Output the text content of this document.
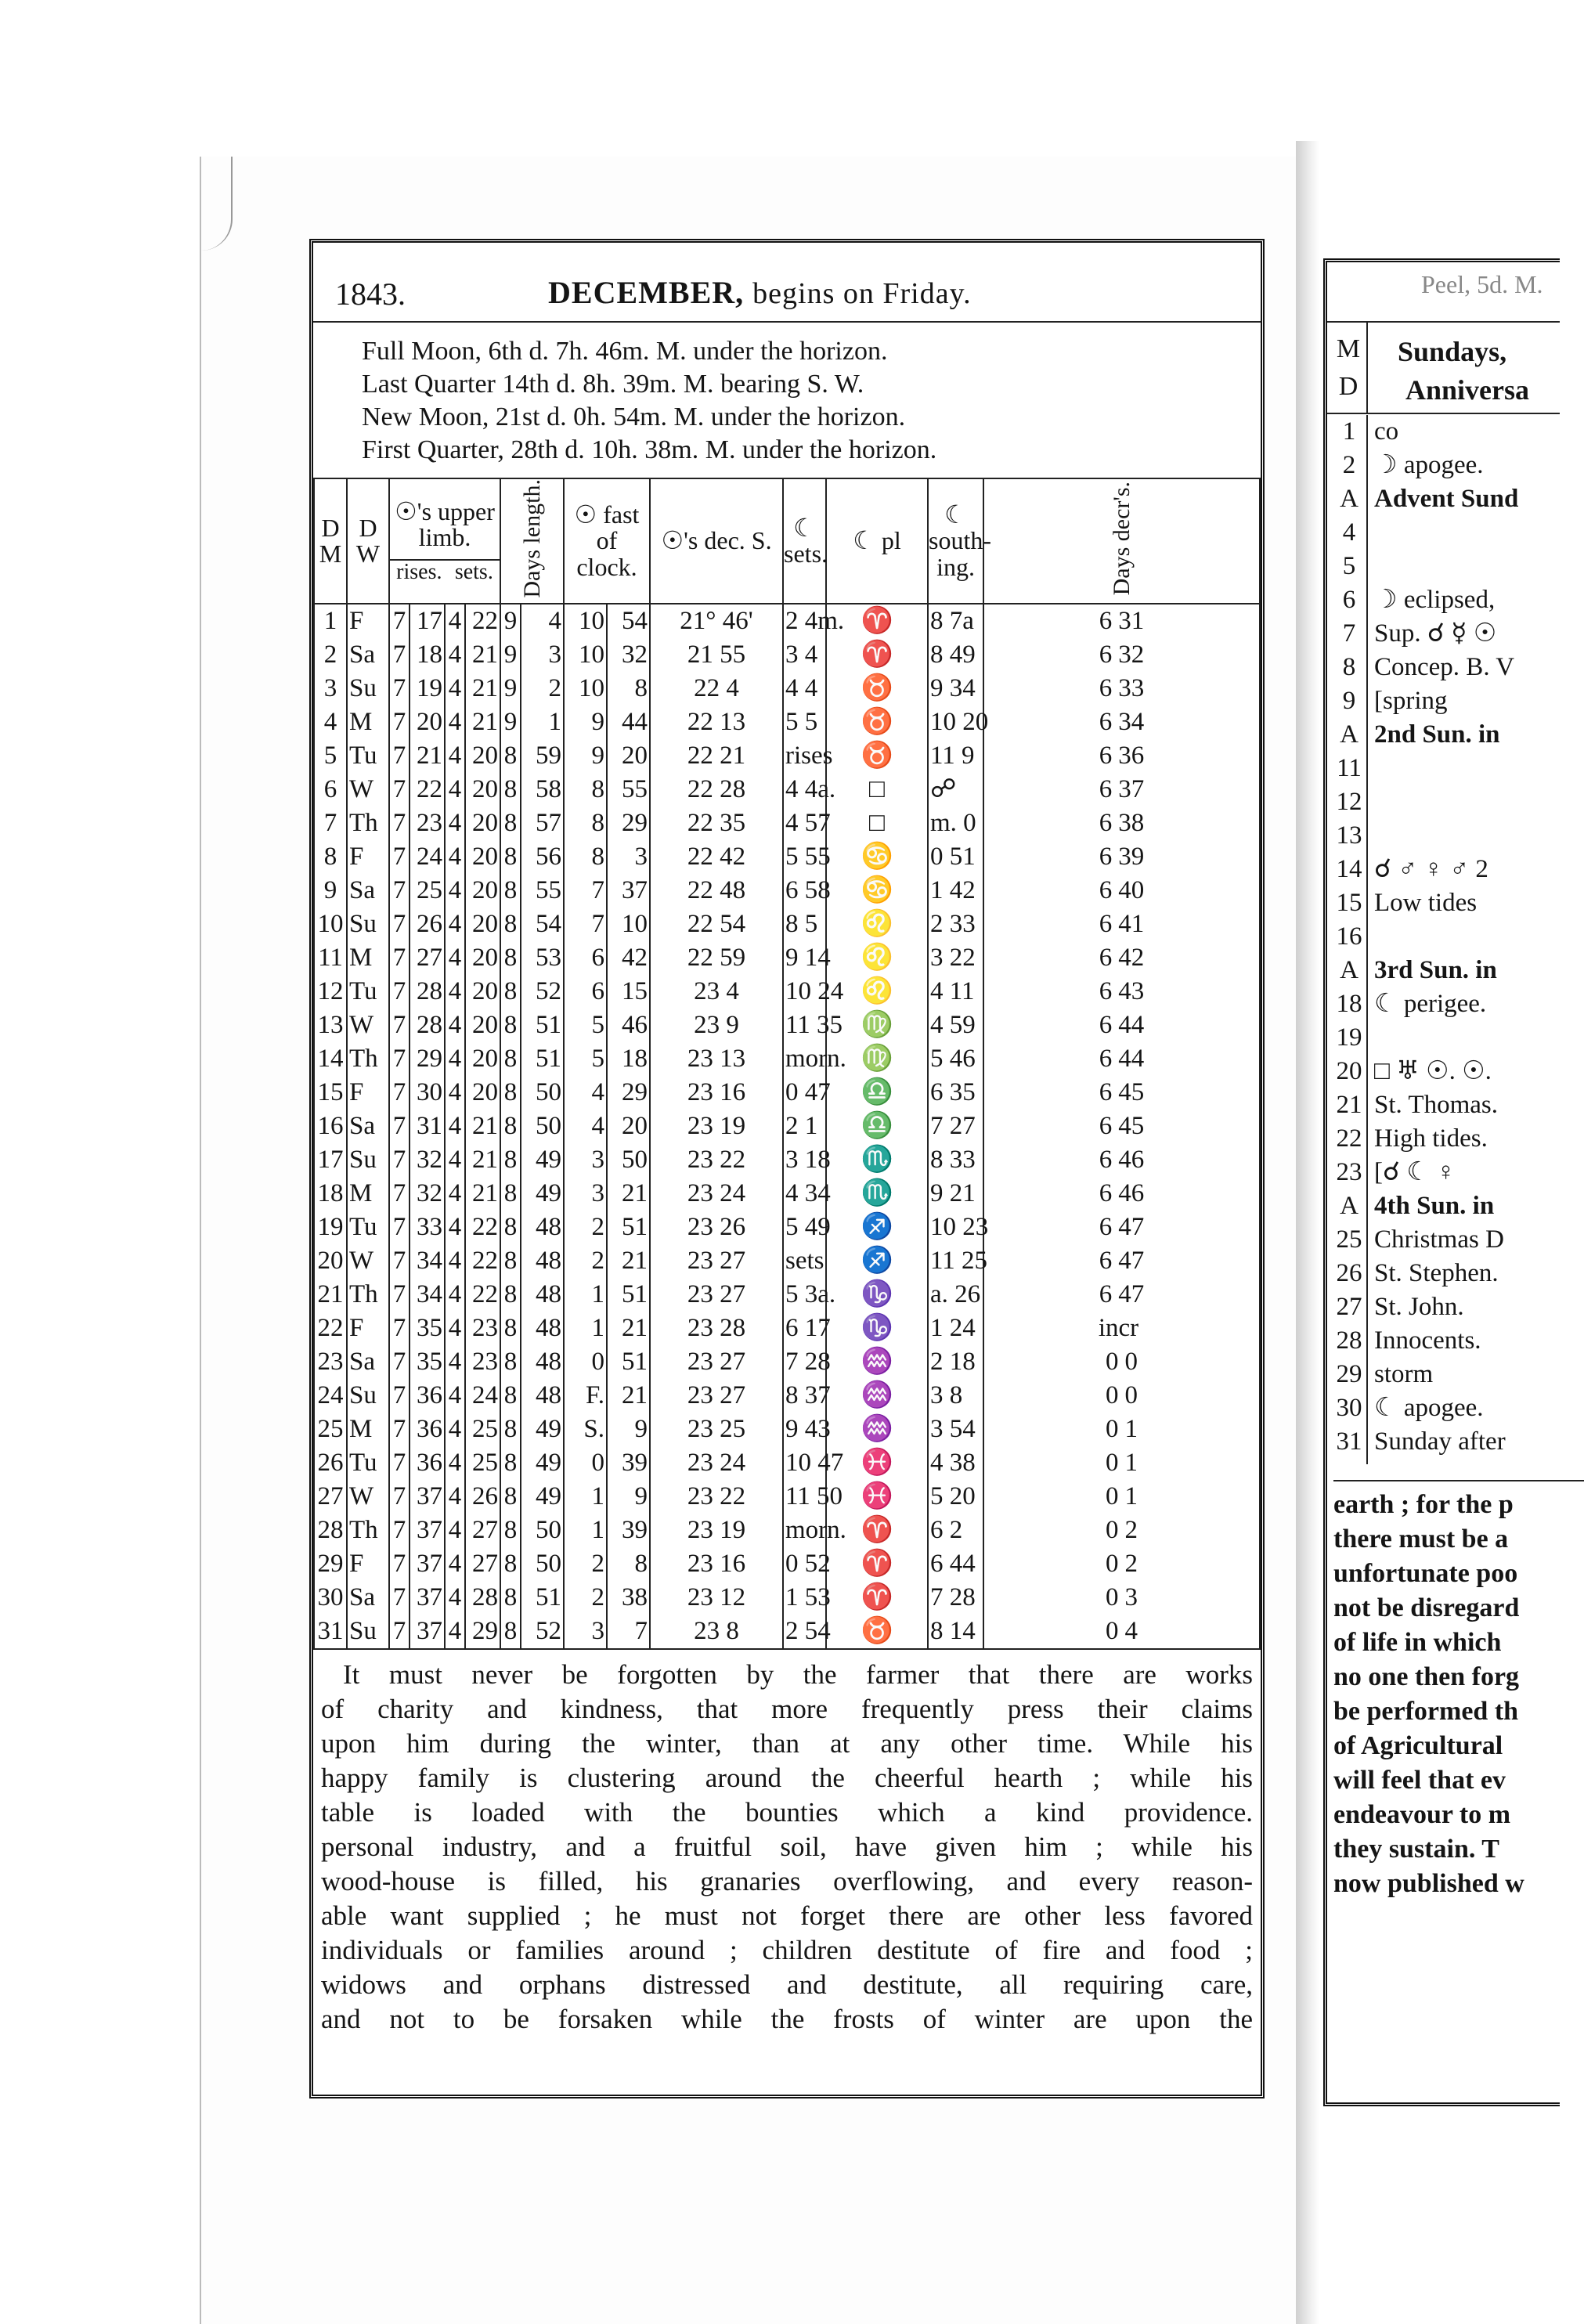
1843.	DECEMBER, begins on Friday.
Full Moon, 6th d. 7h. 46m. M. under the horizon.
Last Quarter 14th d. 8h. 39m. M. bearing S. W.
New Moon, 21st d. 0h. 54m. M. under the horizon.
First Quarter, 28th d. 10h. 38m. M. under the horizon.
D M	D W	☉'s upper limb.
rises. sets.				Days length.		☉ fast of clock.		☉'s dec. S.	☾ sets.	☾ pl	☾ south- ing.	Days decr's.
1	F	7	17	4	22	9	4	10	54	21° 46'	2 4m.	♈	8 7a	6 31
2	Sa	7	18	4	21	9	3	10	32	21 55	3 4	♈	8 49	6 32
3	Su	7	19	4	21	9	2	10	8	22 4	4 4	♉	9 34	6 33
4	M	7	20	4	21	9	1	9	44	22 13	5 5	♉	10 20	6 34
5	Tu	7	21	4	20	8	59	9	20	22 21	rises	♉	11 9	6 36
6	W	7	22	4	20	8	58	8	55	22 28	4 4a.	□	☍	6 37
7	Th	7	23	4	20	8	57	8	29	22 35	4 57	□	m. 0	6 38
8	F	7	24	4	20	8	56	8	3	22 42	5 55	♋	0 51	6 39
9	Sa	7	25	4	20	8	55	7	37	22 48	6 58	♋	1 42	6 40
10	Su	7	26	4	20	8	54	7	10	22 54	8 5	♌	2 33	6 41
11	M	7	27	4	20	8	53	6	42	22 59	9 14	♌	3 22	6 42
12	Tu	7	28	4	20	8	52	6	15	23 4	10 24	♌	4 11	6 43
13	W	7	28	4	20	8	51	5	46	23 9	11 35	♍	4 59	6 44
14	Th	7	29	4	20	8	51	5	18	23 13	morn.	♍	5 46	6 44
15	F	7	30	4	20	8	50	4	29	23 16	0 47	♎	6 35	6 45
16	Sa	7	31	4	21	8	50	4	20	23 19	2 1	♎	7 27	6 45
17	Su	7	32	4	21	8	49	3	50	23 22	3 18	♏	8 33	6 46
18	M	7	32	4	21	8	49	3	21	23 24	4 34	♏	9 21	6 46
19	Tu	7	33	4	22	8	48	2	51	23 26	5 49	♐	10 23	6 47
20	W	7	34	4	22	8	48	2	21	23 27	sets	♐	11 25	6 47
21	Th	7	34	4	22	8	48	1	51	23 27	5 3a.	♑	a. 26	6 47
22	F	7	35	4	23	8	48	1	21	23 28	6 17	♑	1 24	incr
23	Sa	7	35	4	23	8	48	0	51	23 27	7 28	♒	2 18	0 0
24	Su	7	36	4	24	8	48	F.	21	23 27	8 37	♒	3 8	0 0
25	M	7	36	4	25	8	49	S.	9	23 25	9 43	♒	3 54	0 1
26	Tu	7	36	4	25	8	49	0	39	23 24	10 47	♓	4 38	0 1
27	W	7	37	4	26	8	49	1	9	23 22	11 50	♓	5 20	0 1
28	Th	7	37	4	27	8	50	1	39	23 19	morn.	♈	6 2	0 2
29	F	7	37	4	27	8	50	2	8	23 16	0 52	♈	6 44	0 2
30	Sa	7	37	4	28	8	51	2	38	23 12	1 53	♈	7 28	0 3
31	Su	7	37	4	29	8	52	3	7	23 8	2 54	♉	8 14	0 4
It must never be forgotten by the farmer that there are works
of charity and kindness, that more frequently press their claims
upon him during the winter, than at any other time. While his
happy family is clustering around the cheerful hearth ; while his
table is loaded with the bounties which a kind providence.
personal industry, and a fruitful soil, have given him ; while his
wood-house is filled, his granaries overflowing, and every reason-
able want supplied ; he must not forget there are other less favored
individuals or families around ; children destitute of fire and food ;
widows and orphans distressed and destitute, all requiring care,
and not to be forsaken while the frosts of winter are upon the
Peel, 5d. M.
M
D
Sundays,
Anniversa
1 co
2 ☽ apogee.
A Advent Sund
4
5
6 ☽ eclipsed,
7 Sup. ☌ ☿ ☉
8 Concep. B. V
9 [spring
A 2nd Sun. in
11
12
13
14 ☌ ♂ ♀ ♂ 2
15 Low tides
16
A 3rd Sun. in
18 ☾ perigee.
19
20 □ ♅ ☉. ☉.
21 St. Thomas.
22 High tides.
23 [☌ ☾ ♀
A 4th Sun. in
25 Christmas D
26 St. Stephen.
27 St. John.
28 Innocents.
29 storm
30 ☾ apogee.
31 Sunday after
earth ; for the p
there must be a
unfortunate poo
not be disregard
of life in which
no one then forg
be performed th
of Agricultural
will feel that ev
endeavour to m
they sustain. T
now published w
